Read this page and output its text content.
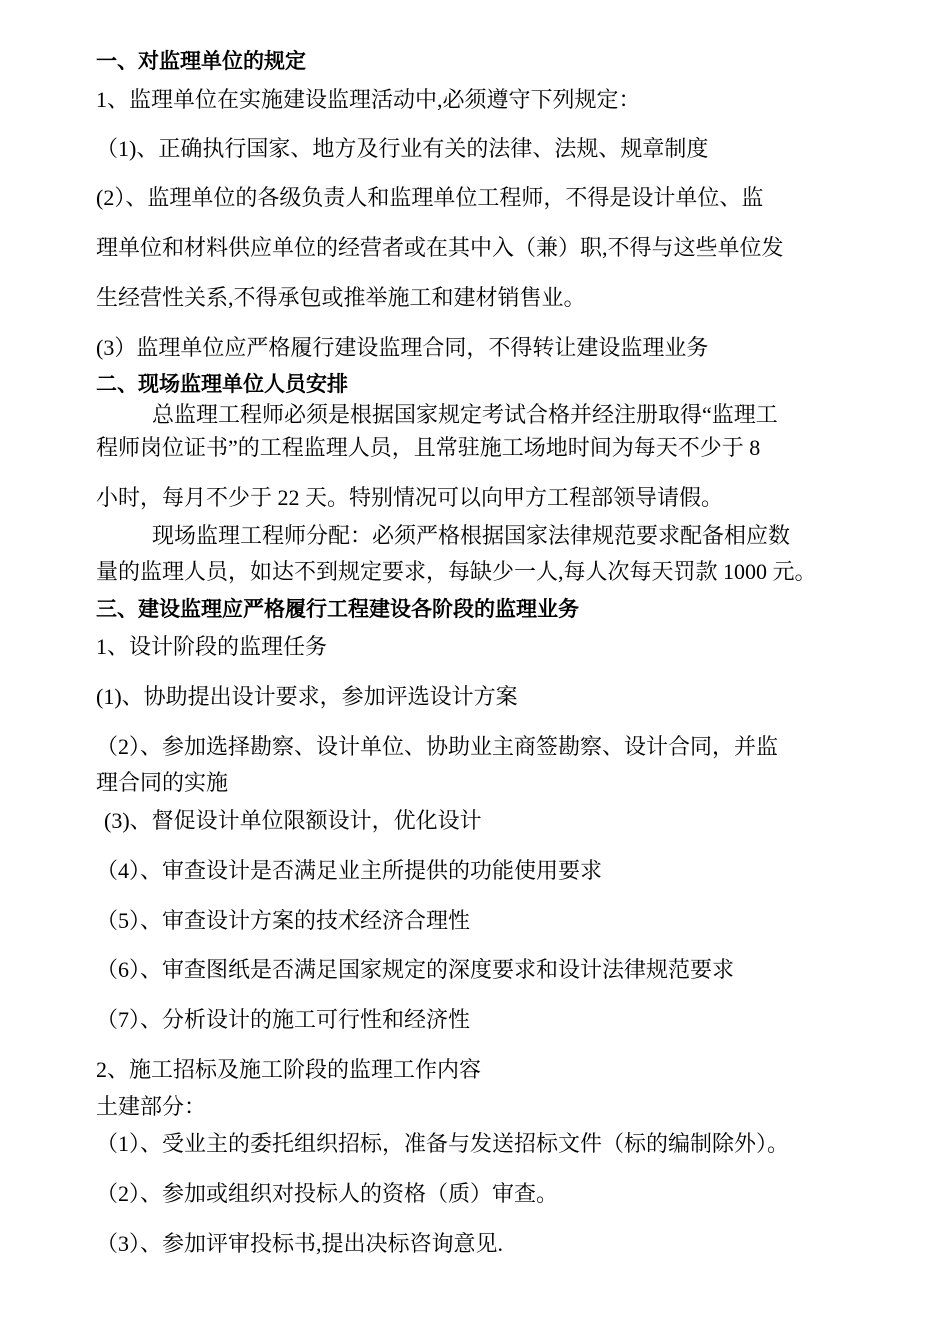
一、对监理单位的规定
1、监理单位在实施建设监理活动中,必须遵守下列规定：
（1)、正确执行国家、地方及行业有关的法律、法规、规章制度
(2）、监理单位的各级负责人和监理单位工程师，不得是设计单位、监
理单位和材料供应单位的经营者或在其中入（兼）职,不得与这些单位发
生经营性关系,不得承包或推举施工和建材销售业。
(3）监理单位应严格履行建设监理合同，不得转让建设监理业务
二、现场监理单位人员安排
总监理工程师必须是根据国家规定考试合格并经注册取得“监理工
程师岗位证书”的工程监理人员，且常驻施工场地时间为每天不少于 8
小时，每月不少于 22 天。特别情况可以向甲方工程部领导请假。
现场监理工程师分配：必须严格根据国家法律规范要求配备相应数
量的监理人员，如达不到规定要求，每缺少一人,每人次每天罚款 1000 元。
三、建设监理应严格履行工程建设各阶段的监理业务
1、设计阶段的监理任务
(1)、协助提出设计要求，参加评选设计方案
（2）、参加选择勘察、设计单位、协助业主商签勘察、设计合同，并监
理合同的实施
(3)、督促设计单位限额设计，优化设计
（4）、审查设计是否满足业主所提供的功能使用要求
（5）、审查设计方案的技术经济合理性
（6）、审查图纸是否满足国家规定的深度要求和设计法律规范要求
（7）、分析设计的施工可行性和经济性
2、施工招标及施工阶段的监理工作内容
土建部分：
（1）、受业主的委托组织招标，准备与发送招标文件（标的编制除外）。
（2）、参加或组织对投标人的资格（质）审查。
（3）、参加评审投标书,提出决标咨询意见.
